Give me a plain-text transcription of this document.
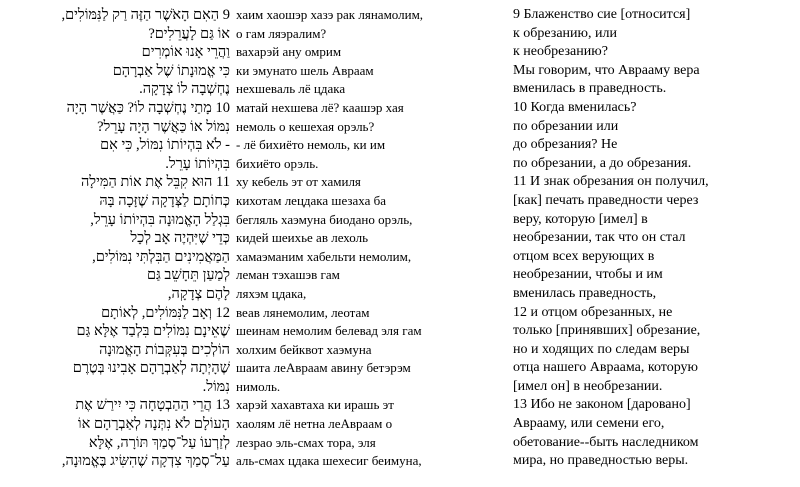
9 הַאִם הָאֹשֶׁר הַזֶּה רַק לַנִּמּוֹלִים,
אוֹ גַּם לָעֲרֵלִים?
וַהֲרֵי אָנוּ אוֹמְרִים
כִּי אֱמוּנָתוֹ שֶׁל אַבְרָהָם
נֶחְשְׁבָה לוֹ צְדָקָה.
10 מָתַי נֶחְשְׁבָה לוֹ? כַּאֲשֶׁר הָיָה
נִמּוֹל אוֹ כַּאֲשֶׁר הָיָה עָרֵל?
- לֹא בִּהְיוֹתוֹ נִמּוֹל, כִּי אִם
בִּהְיוֹתוֹ עָרֵל.
11 הוּא קִבֵּל אֶת אוֹת הַמִּילָה
כְּחוֹתָם לַצְּדָקָה שֶׁזָּכָה בָּהּ
בִּגְלַל הָאֱמוּנָה בִּהְיוֹתוֹ עָרֵל,
כְּדֵי שֶׁיִּהְיֶה אָב לְכָל
הַמַּאֲמִינִים הַבִּלְתִּי נִמּוֹלִים,
לְמַעַן תֵּחָשֵׁב גַּם
לָהֶם צְדָקָה,
12 וְאָב לַנִּמּוֹלִים, לְאוֹתָם
שֶׁאֵינָם נִמּוֹלִים בִּלְבַד אֶלָּא גַּם
הוֹלְכִים בְּעִקְּבוֹת הָאֱמוּנָה
שֶׁהָיְתָה לְאַבְרָהָם אָבִינוּ בְּטֶרֶם
נִמּוֹל.
13 הֲרֵי הַהַבְטָחָה כִּי יִירַשׁ אֶת
הָעוֹלָם לֹא נִתְּנָה לְאַבְרָהָם אוֹ
לְזַרְעוֹ עַל־סְמַךְ תּוֹרָה, אֶלָּא
עַל־סְמַךְ צִדְקָה שֶׁהִשִּׂיג בֶּאֱמוּנָה,
хаим хаошэр хазэ рак лянамолим,
о гам ляэралим?
вахарэй ану омрим
ки эмунато шель Авраам
нехшевaль лё цдака
матай нехшева лё? кaашэр хая
немоль о кешехая орэль?
- лё бихиёто немоль, ки им
бихиёто орэль.
ху кебель эт от хамиля
кихотам лецдака шезаха ба
бегляль хаэмуна биодано орэль,
кидей шеихье ав лехоль
хамаэманим хабельти немолим,
леман тэхашэв гам
ляхэм цдака,
веав лянемолим, леотам
шеинам немолим белевад эля гам
холхим бейквот хаэмуна
шаита леАвраам авину бетэрэм
нимоль.
харэй хахавтаха ки ирашь эт
хаолям лё нетна леАвраам о
лезраo эль-смах тора, эля
аль-смах цдака шехесиг беимуна,
9 Блаженство сие [относится]
к обрезанию, или
к необрезанию?
Мы говорим, что Аврааму вера
вменилась в праведность.
10 Когда вменилась?
по обрезании или
до обрезания? Не
по обрезании, а до обрезания.
11 И знак обрезания он получил,
[как] печать праведности через
веру, которую [имел] в
необрезании, так что он стал
отцом всех верующих в
необрезании, чтобы и им
вменилась праведность,
12 и отцом обрезанных, не
только [принявших] обрезание,
но и ходящих по следам веры
отца нашего Авраама, которую
[имел он] в необрезании.
13 Ибо не законом [даровано]
Аврааму, или семени его,
обетование--быть наследником
мира, но праведностью веры.
